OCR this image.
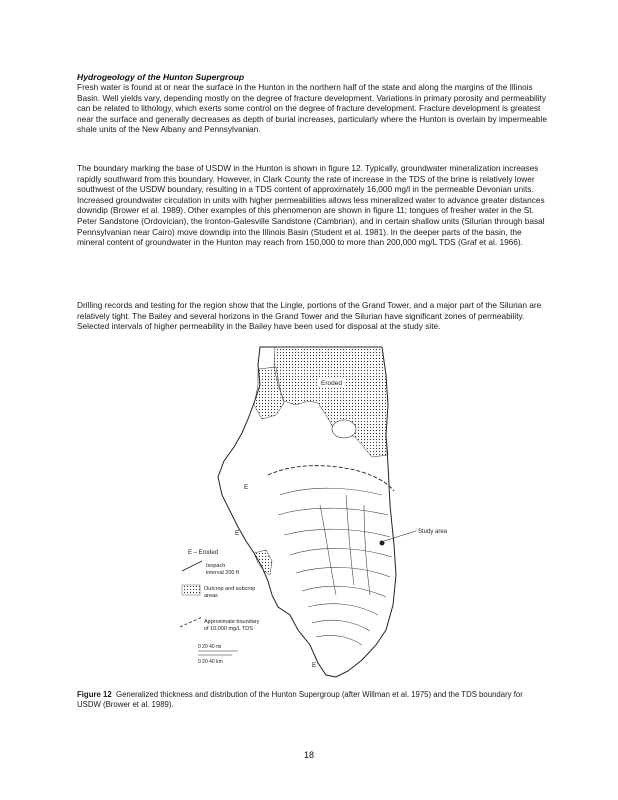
Hydrogeology of the Hunton Supergroup

Fresh water is found at or near the surface in the Hunton in the northern half of the state and along the margins of the Illinois Basin. Well yields vary, depending mostly on the degree of fracture development. Variations in primary porosity and permeability can be related to lithology, which exerts some control on the degree of fracture development. Fracture development is greatest near the surface and generally decreases as depth of burial increases, particularly where the Hunton is overlain by impermeable shale units of the New Albany and Pennsylvanian.

The boundary marking the base of USDW in the Hunton is shown in figure 12. Typically, groundwater mineralization increases rapidly southward from this boundary. However, in Clark County the rate of increase in the TDS of the brine is relatively lower southwest of the USDW boundary, resulting in a TDS content of approximately 16,000 mg/l in the permeable Devonian units. Increased groundwater circulation in units with higher permeabilities allows less mineralized water to advance greater distances downdip (Brower et al. 1989). Other examples of this phenomenon are shown in figure 11; tongues of fresher water in the St. Peter Sandstone (Ordovician), the Ironton-Galesville Sandstone (Cambrian), and in certain shallow units (Silurian through basal Pennsylvanian near Cairo) move downdip into the Illinois Basin (Student et al. 1981). In the deeper parts of the basin, the mineral content of groundwater in the Hunton may reach from 150,000 to more than 200,000 mg/L TDS (Graf et al. 1966).

Drilling records and testing for the region show that the Lingle, portions of the Grand Tower, and a major part of the Silurian are relatively tight. The Bailey and several horizons in the Grand Tower and the Silurian have significant zones of permeability. Selected intervals of higher permeability in the Bailey have been used for disposal at the study site.

Study area
Eroded
E
E
E
E – Eroded
Isopach
interval 200 ft
Outcrop and subcrop
areas
Approximate boundary
of 10,000 mg/L TDS
0 20 40 mi
0 20 40 km
Figure 12 Generalized thickness and distribution of the Hunton Supergroup (after Willman et al. 1975) and the TDS boundary for USDW (Brower et al. 1989).
18
